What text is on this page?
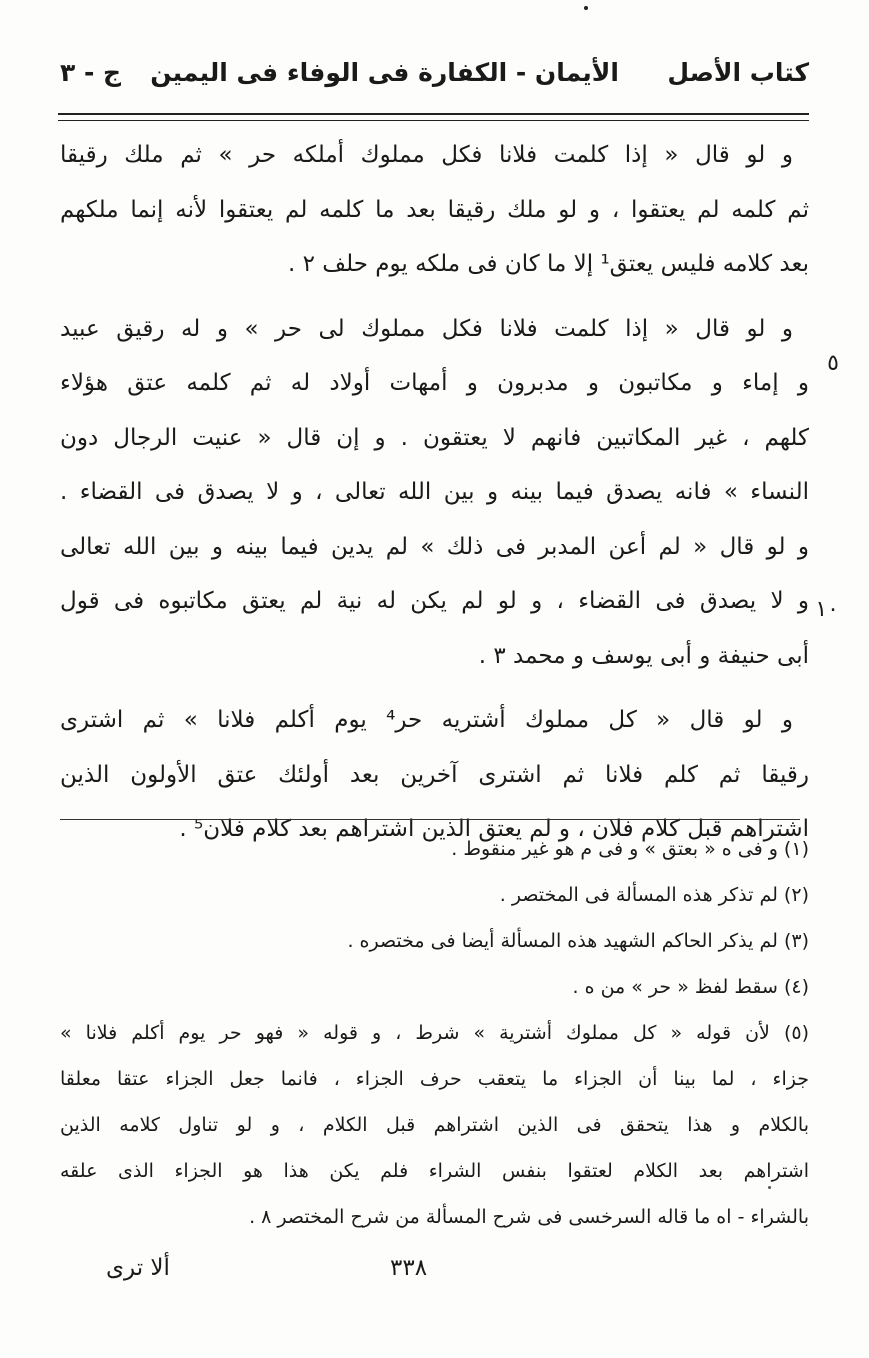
كتاب الأصل
الأيمان - الكفارة فى الوفاء فى اليمين
ج - ٣
و لو قال « إذا كلمت فلانا فكل مملوك أملكه حر » ثم ملك رقيقا
ثم كلمه لم يعتقوا ، و لو ملك رقيقا بعد ما كلمه لم يعتقوا لأنه إنما ملكهم
بعد كلامه فليس يعتق¹ إلا ما كان فى ملكه يوم حلف ٢ .
و لو قال « إذا كلمت فلانا فكل مملوك لى حر » و له رقيق عبيد
و إماء و مكاتبون و مدبرون و أمهات أولاد له ثم كلمه عتق هؤلاء
كلهم ، غير المكاتبين فانهم لا يعتقون . و إن قال « عنيت الرجال دون
النساء » فانه يصدق فيما بينه و بين الله تعالى ، و لا يصدق فى القضاء .
و لو قال « لم أعن المدبر فى ذلك » لم يدين فيما بينه و بين الله تعالى
و لا يصدق فى القضاء ، و لو لم يكن له نية لم يعتق مكاتبوه فى قول
أبى حنيفة و أبى يوسف و محمد ٣ .
و لو قال « كل مملوك أشتريه حر⁴ يوم أكلم فلانا » ثم اشترى
رقيقا ثم كلم فلانا ثم اشترى آخرين بعد أولئك عتق الأولون الذين
اشتراهم قبل كلام فلان ، و لم يعتق الذين اشتراهم بعد كلام فلان⁵ .
٥
١٠
(١) و فى ه « بعتق » و فى م هو غير منقوط .
(٢) لم تذكر هذه المسألة فى المختصر .
(٣) لم يذكر الحاكم الشهيد هذه المسألة أيضا فى مختصره .
(٤) سقط لفظ « حر » من ه .
(٥) لأن قوله « كل مملوك أشترية » شرط ، و قوله « فهو حر يوم أكلم فلانا »
جزاء ، لما بينا أن الجزاء ما يتعقب حرف الجزاء ، فانما جعل الجزاء عتقا معلقا
بالكلام و هذا يتحقق فى الذين اشتراهم قبل الكلام ، و لو تناول كلامه الذين
اشتراهم بعد الكلام لعتقوا بنفس الشراء فلم يكن هذا هو الجزاء الذى علقه
بالشراء - اه ما قاله السرخسى فى شرح المسألة من شرح المختصر ٨ .
٣٣٨
ألا ترى
